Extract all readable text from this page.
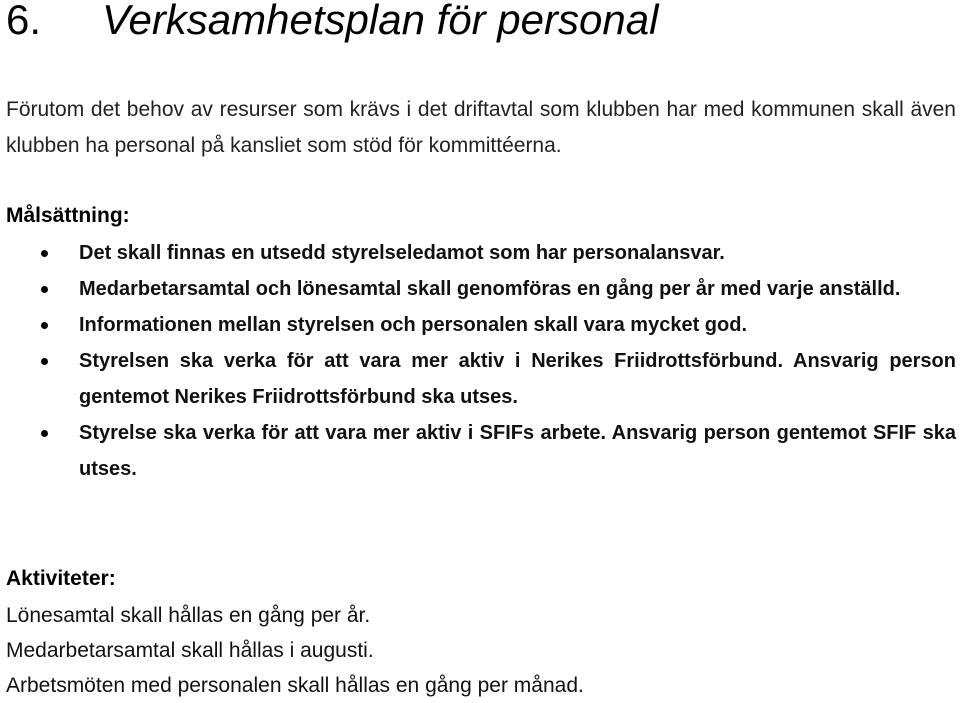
6. Verksamhetsplan för personal

Förutom det behov av resurser som krävs i det driftavtal som klubben har med kommunen skall även klubben ha personal på kansliet som stöd för kommittéerna.

Målsättning:

Det skall finnas en utsedd styrelseledamot som har personalansvar.
Medarbetarsamtal och lönesamtal skall genomföras en gång per år med varje anställd.
Informationen mellan styrelsen och personalen skall vara mycket god.
Styrelsen ska verka för att vara mer aktiv i Nerikes Friidrottsförbund. Ansvarig person gentemot Nerikes Friidrottsförbund ska utses.
Styrelse ska verka för att vara mer aktiv i SFIFs arbete. Ansvarig person gentemot SFIF ska utses.

Aktiviteter:

Lönesamtal skall hållas en gång per år.
Medarbetarsamtal skall hållas i augusti.
Arbetsmöten med personalen skall hållas en gång per månad.
